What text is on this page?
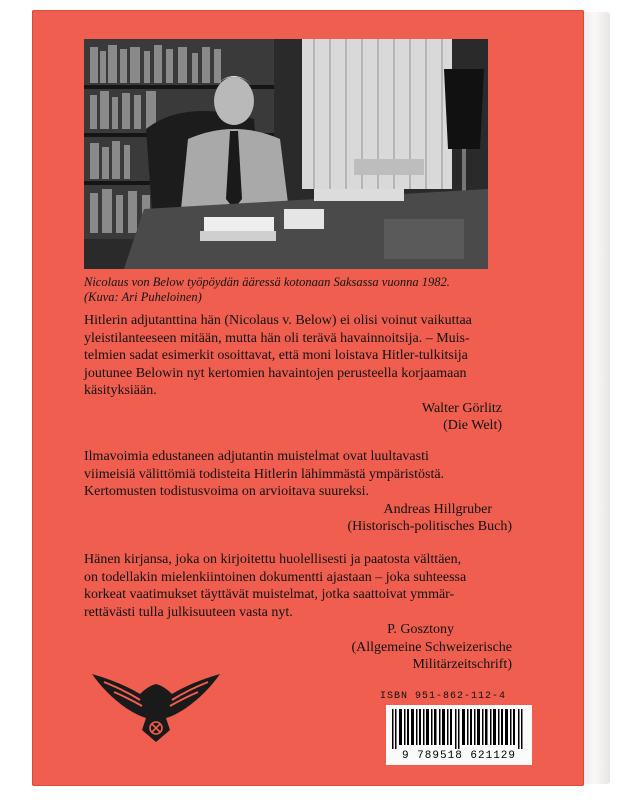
Nicolaus von Below työpöydän ääressä kotonaan Saksassa vuonna 1982.
(Kuva: Ari Puheloinen)
Hitlerin adjutanttina hän (Nicolaus v. Below) ei olisi voinut vaikuttaa
yleistilanteeseen mitään, mutta hän oli terävä havainnoitsija. – Muis-
telmien sadat esimerkit osoittavat, että moni loistava Hitler-tulkitsija
joutunee Belowin nyt kertomien havaintojen perusteella korjaamaan
käsityksiään.
Walter Görlitz
(Die Welt)
Ilmavoimia edustaneen adjutantin muistelmat ovat luultavasti
viimeisiä välittömiä todisteita Hitlerin lähimmästä ympäristöstä.
Kertomusten todistusvoima on arvioitava suureksi.
Andreas Hillgruber
(Historisch-politisches Buch)
Hänen kirjansa, joka on kirjoitettu huolellisesti ja paatosta välttäen,
on todellakin mielenkiintoinen dokumentti ajastaan – joka suhteessa
korkeat vaatimukset täyttävät muistelmat, jotka saattoivat ymmär-
rettävästi tulla julkisuuteen vasta nyt.
P. Gosztony
(Allgemeine Schweizerische
Militärzeitschrift)
ISBN 951-862-112-4
9 789518 621129
